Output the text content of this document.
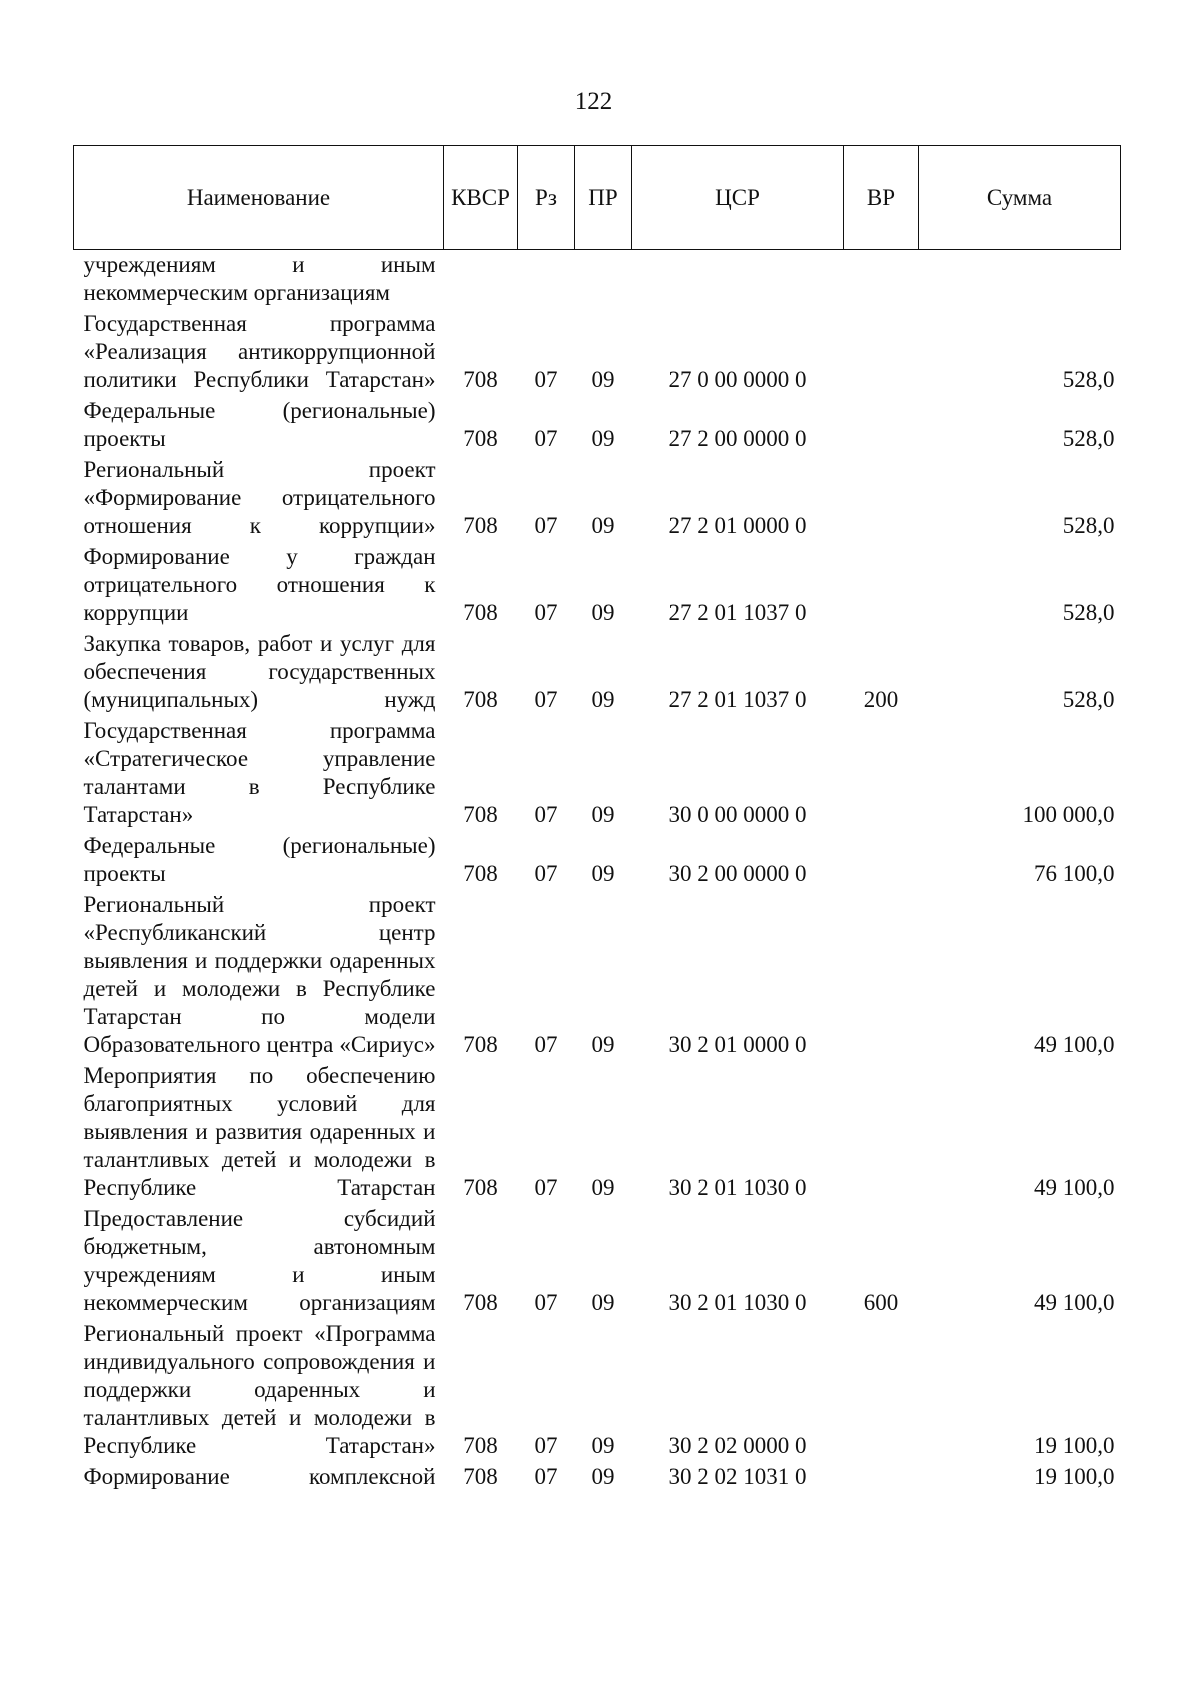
122
Наименование	КВСР	Рз	ПР	ЦСР	ВР	Сумма
учреждениям и иным некоммерческим организациям						
Государственная программа «Реализация антикоррупционной политики Республики Татарстан»	708	07	09	27 0 00 0000 0		528,0
Федеральные (региональные) проекты	708	07	09	27 2 00 0000 0		528,0
Региональный проект «Формирование отрицательного отношения к коррупции»	708	07	09	27 2 01 0000 0		528,0
Формирование у граждан отрицательного отношения к коррупции	708	07	09	27 2 01 1037 0		528,0
Закупка товаров, работ и услуг для обеспечения государственных (муниципальных) нужд	708	07	09	27 2 01 1037 0	200	528,0
Государственная программа «Стратегическое управление талантами в Республике Татарстан»	708	07	09	30 0 00 0000 0		100 000,0
Федеральные (региональные) проекты	708	07	09	30 2 00 0000 0		76 100,0
Региональный проект «Республиканский центр выявления и поддержки одаренных детей и молодежи в Республике Татарстан по модели Образовательного центра «Сириус»	708	07	09	30 2 01 0000 0		49 100,0
Мероприятия по обеспечению благоприятных условий для выявления и развития одаренных и талантливых детей и молодежи в Республике Татарстан	708	07	09	30 2 01 1030 0		49 100,0
Предоставление субсидий бюджетным, автономным учреждениям и иным некоммерческим организациям	708	07	09	30 2 01 1030 0	600	49 100,0
Региональный проект «Программа индивидуального сопровождения и поддержки одаренных и талантливых детей и молодежи в Республике Татарстан»	708	07	09	30 2 02 0000 0		19 100,0
Формирование комплексной	708	07	09	30 2 02 1031 0		19 100,0
